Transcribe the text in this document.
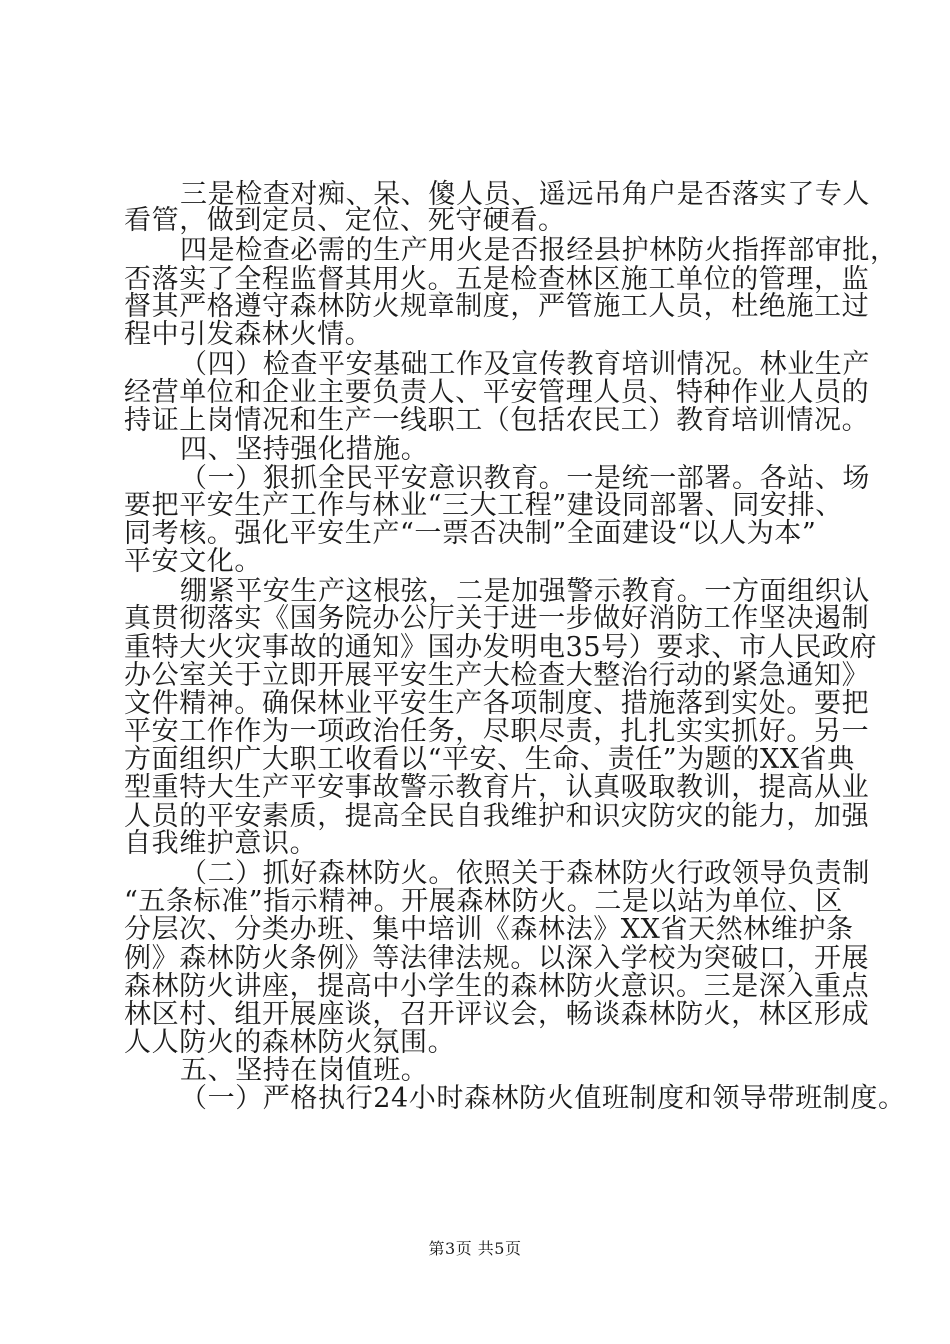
三是检查对痴、呆、傻人员、遥远吊角户是否落实了专人
看管，做到定员、定位、死守硬看。
四是检查必需的生产用火是否报经县护林防火指挥部审批，
否落实了全程监督其用火。五是检查林区施工单位的管理，监
督其严格遵守森林防火规章制度，严管施工人员，杜绝施工过
程中引发森林火情。
（四）检查平安基础工作及宣传教育培训情况。林业生产
经营单位和企业主要负责人、平安管理人员、特种作业人员的
持证上岗情况和生产一线职工（包括农民工）教育培训情况。
四、坚持强化措施。
（一）狠抓全民平安意识教育。一是统一部署。各站、场
要把平安生产工作与林业“三大工程”建设同部署、同安排、
同考核。强化平安生产“一票否决制”全面建设“以人为本”
平安文化。
绷紧平安生产这根弦，二是加强警示教育。一方面组织认
真贯彻落实《国务院办公厅关于进一步做好消防工作坚决遏制
重特大火灾事故的通知》国办发明电35号）要求、市人民政府
办公室关于立即开展平安生产大检查大整治行动的紧急通知》
文件精神。确保林业平安生产各项制度、措施落到实处。要把
平安工作作为一项政治任务，尽职尽责，扎扎实实抓好。另一
方面组织广大职工收看以“平安、生命、责任”为题的XX省典
型重特大生产平安事故警示教育片，认真吸取教训，提高从业
人员的平安素质，提高全民自我维护和识灾防灾的能力，加强
自我维护意识。
（二）抓好森林防火。依照关于森林防火行政领导负责制
“五条标准”指示精神。开展森林防火。二是以站为单位、区
分层次、分类办班、集中培训《森林法》XX省天然林维护条
例》森林防火条例》等法律法规。以深入学校为突破口，开展
森林防火讲座，提高中小学生的森林防火意识。三是深入重点
林区村、组开展座谈，召开评议会，畅谈森林防火，林区形成
人人防火的森林防火氛围。
五、坚持在岗值班。
（一）严格执行24小时森林防火值班制度和领导带班制度。
第3页 共5页
